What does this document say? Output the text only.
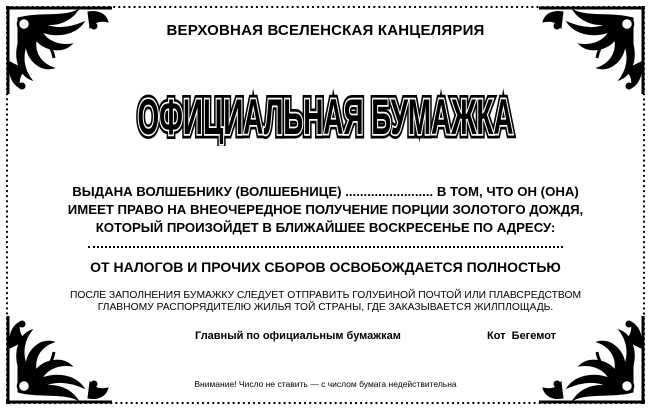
ВЕРХОВНАЯ ВСЕЛЕНСКАЯ КАНЦЕЛЯРИЯ
ОФИЦИАЛЬНАЯ БУМАЖКА
ОФИЦИАЛЬНАЯ БУМАЖКА
ОФИЦИАЛЬНАЯ БУМАЖКА
ВЫДАНА ВОЛШЕБНИКУ (ВОЛШЕБНИЦЕ) ........................ В ТОМ, ЧТО ОН (ОНА)
ИМЕЕТ ПРАВО НА ВНЕОЧЕРЕДНОЕ ПОЛУЧЕНИЕ ПОРЦИИ ЗОЛОТОГО ДОЖДЯ,
КОТОРЫЙ ПРОИЗОЙДЕТ В БЛИЖАЙШЕЕ ВОСКРЕСЕНЬЕ ПО АДРЕСУ:
ОТ НАЛОГОВ И ПРОЧИХ СБОРОВ ОСВОБОЖДАЕТСЯ ПОЛНОСТЬЮ
ПОСЛЕ ЗАПОЛНЕНИЯ БУМАЖКУ СЛЕДУЕТ ОТПРАВИТЬ ГОЛУБИНОЙ ПОЧТОЙ ИЛИ ПЛАВСРЕДСТВОМ
ГЛАВНОМУ РАСПОРЯДИТЕЛЮ ЖИЛЬЯ ТОЙ СТРАНЫ, ГДЕ ЗАКАЗЫВАЕТСЯ ЖИЛПЛОЩАДЬ.
Главный по официальным бумажкам	Кот  Бегемот
Внимание! Число не ставить — с числом бумага недействительна
